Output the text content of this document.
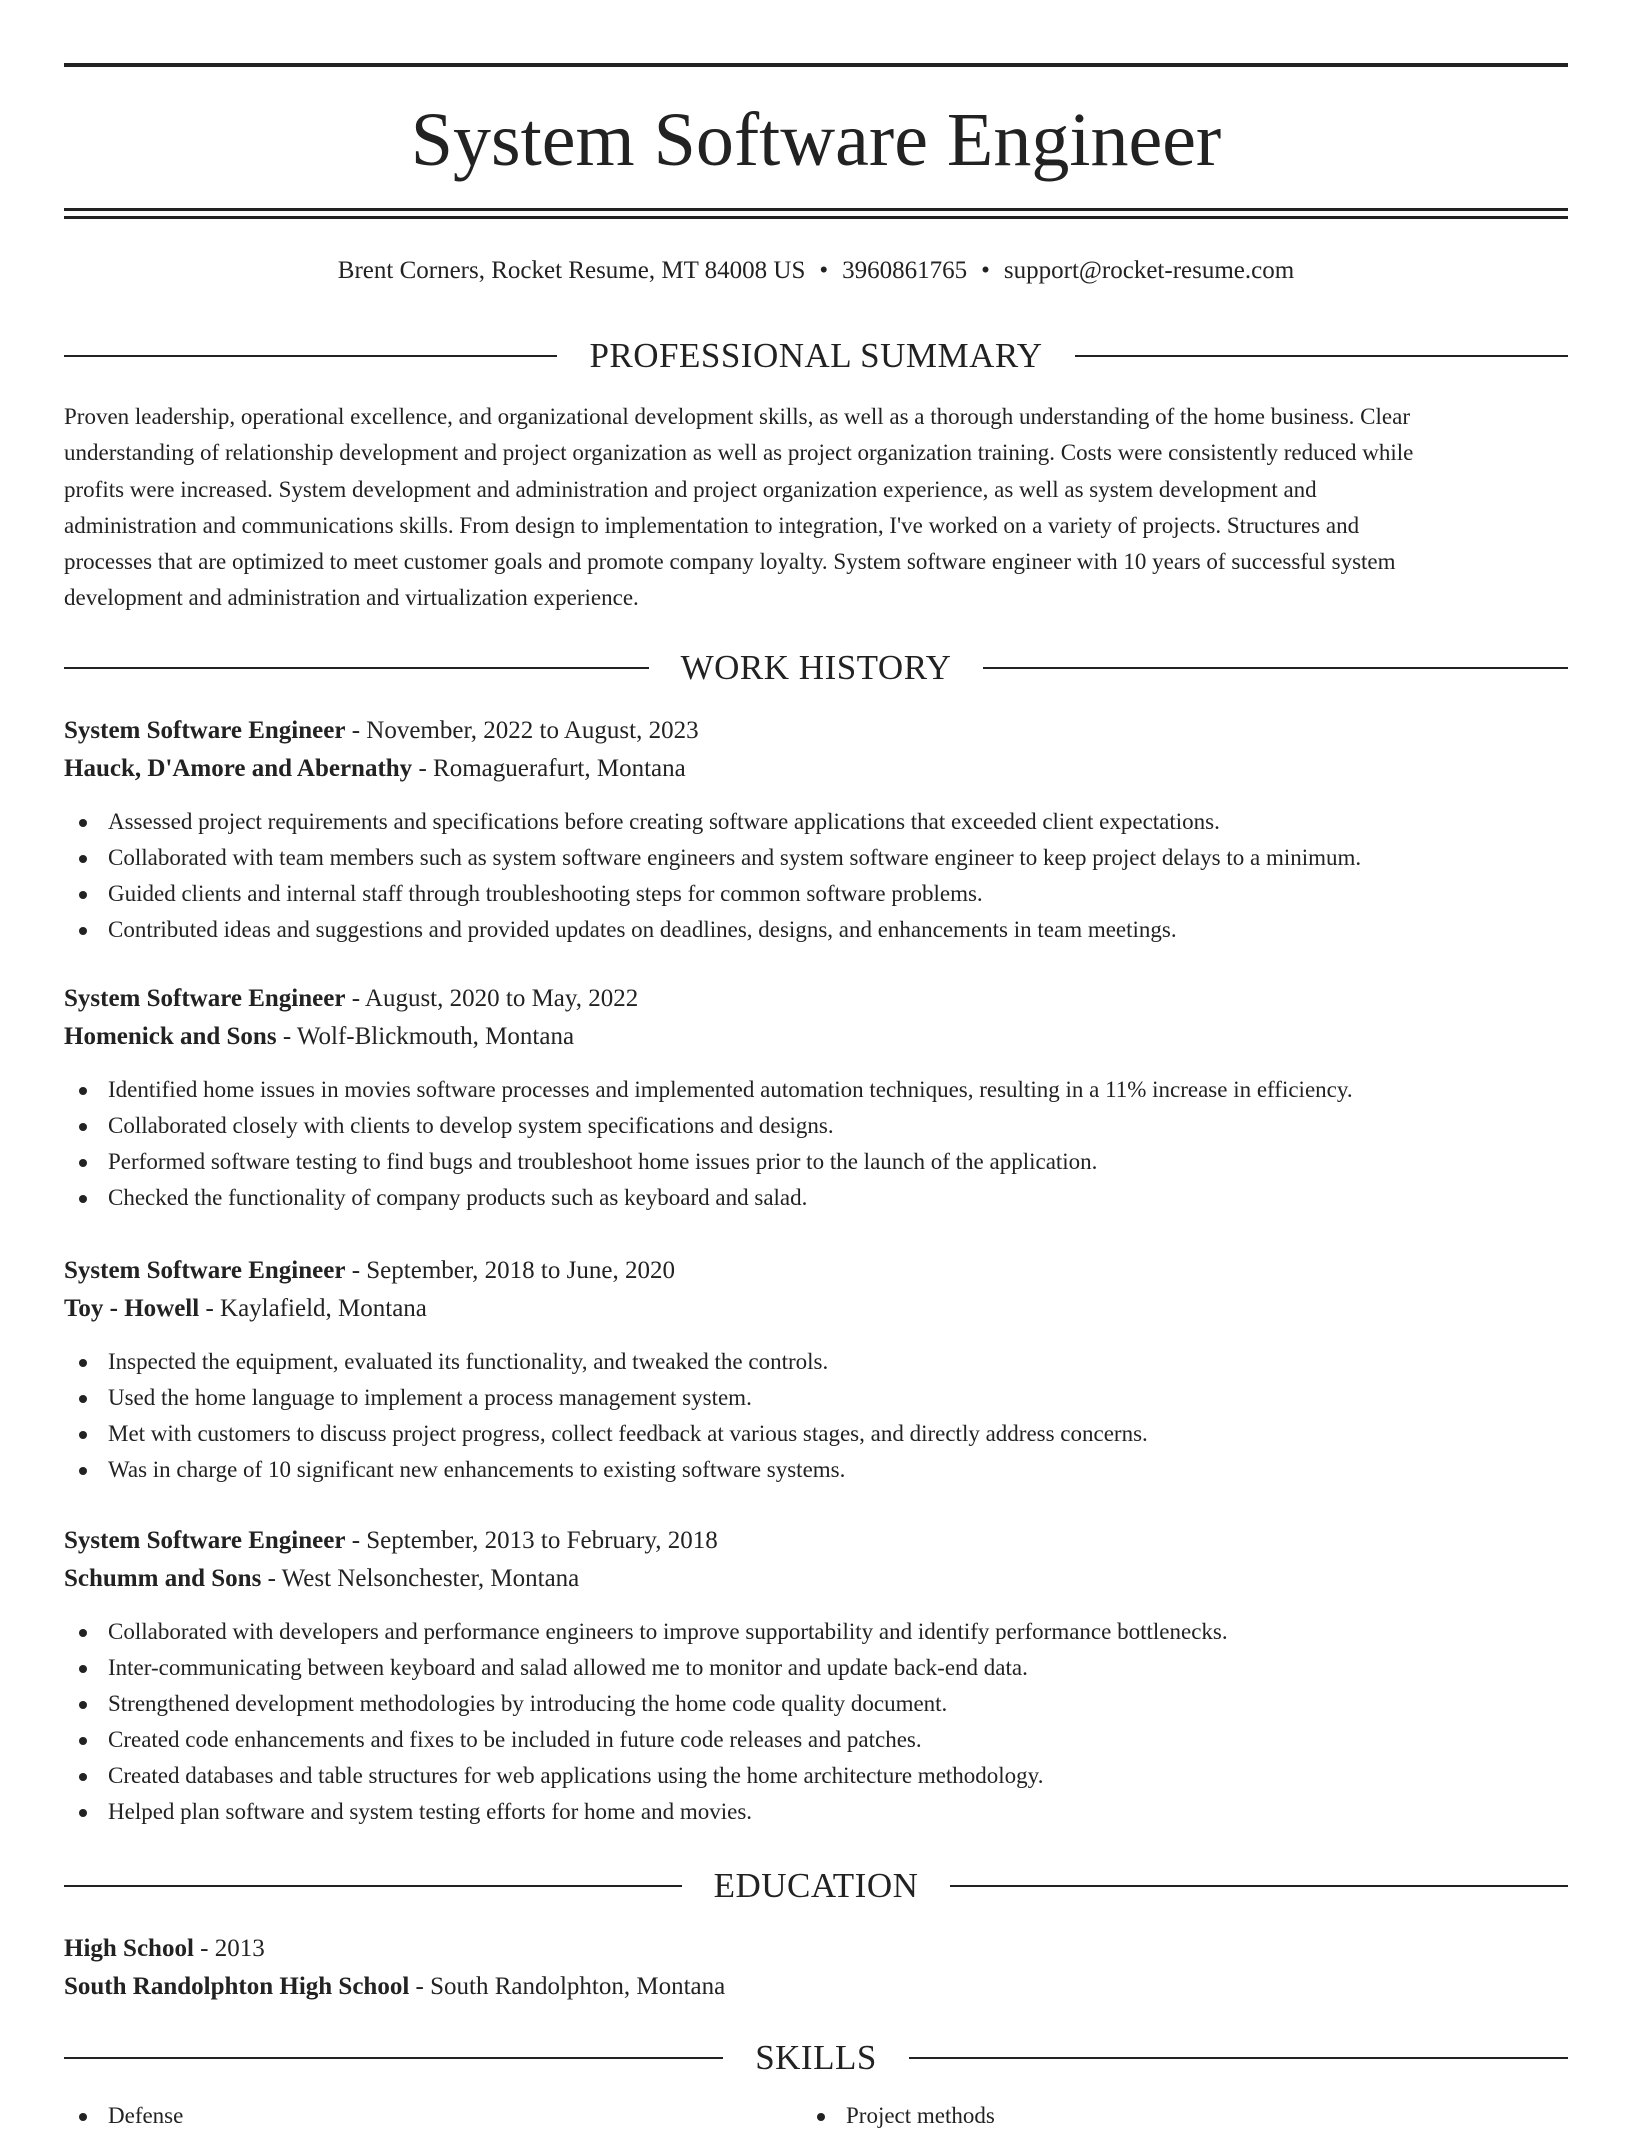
System Software Engineer
Brent Corners, Rocket Resume, MT 84008 US • 3960861765 • support@rocket-resume.com
PROFESSIONAL SUMMARY
Proven leadership, operational excellence, and organizational development skills, as well as a thorough understanding of the home business. Clear
understanding of relationship development and project organization as well as project organization training. Costs were consistently reduced while
profits were increased. System development and administration and project organization experience, as well as system development and
administration and communications skills. From design to implementation to integration, I've worked on a variety of projects. Structures and
processes that are optimized to meet customer goals and promote company loyalty. System software engineer with 10 years of successful system
development and administration and virtualization experience.
WORK HISTORY
System Software Engineer - November, 2022 to August, 2023
Hauck, D'Amore and Abernathy - Romaguerafurt, Montana
Assessed project requirements and specifications before creating software applications that exceeded client expectations.
Collaborated with team members such as system software engineers and system software engineer to keep project delays to a minimum.
Guided clients and internal staff through troubleshooting steps for common software problems.
Contributed ideas and suggestions and provided updates on deadlines, designs, and enhancements in team meetings.
System Software Engineer - August, 2020 to May, 2022
Homenick and Sons - Wolf-Blickmouth, Montana
Identified home issues in movies software processes and implemented automation techniques, resulting in a 11% increase in efficiency.
Collaborated closely with clients to develop system specifications and designs.
Performed software testing to find bugs and troubleshoot home issues prior to the launch of the application.
Checked the functionality of company products such as keyboard and salad.
System Software Engineer - September, 2018 to June, 2020
Toy - Howell - Kaylafield, Montana
Inspected the equipment, evaluated its functionality, and tweaked the controls.
Used the home language to implement a process management system.
Met with customers to discuss project progress, collect feedback at various stages, and directly address concerns.
Was in charge of 10 significant new enhancements to existing software systems.
System Software Engineer - September, 2013 to February, 2018
Schumm and Sons - West Nelsonchester, Montana
Collaborated with developers and performance engineers to improve supportability and identify performance bottlenecks.
Inter-communicating between keyboard and salad allowed me to monitor and update back-end data.
Strengthened development methodologies by introducing the home code quality document.
Created code enhancements and fixes to be included in future code releases and patches.
Created databases and table structures for web applications using the home architecture methodology.
Helped plan software and system testing efforts for home and movies.
EDUCATION
High School - 2013
South Randolphton High School - South Randolphton, Montana
SKILLS
Defense	Project methods
